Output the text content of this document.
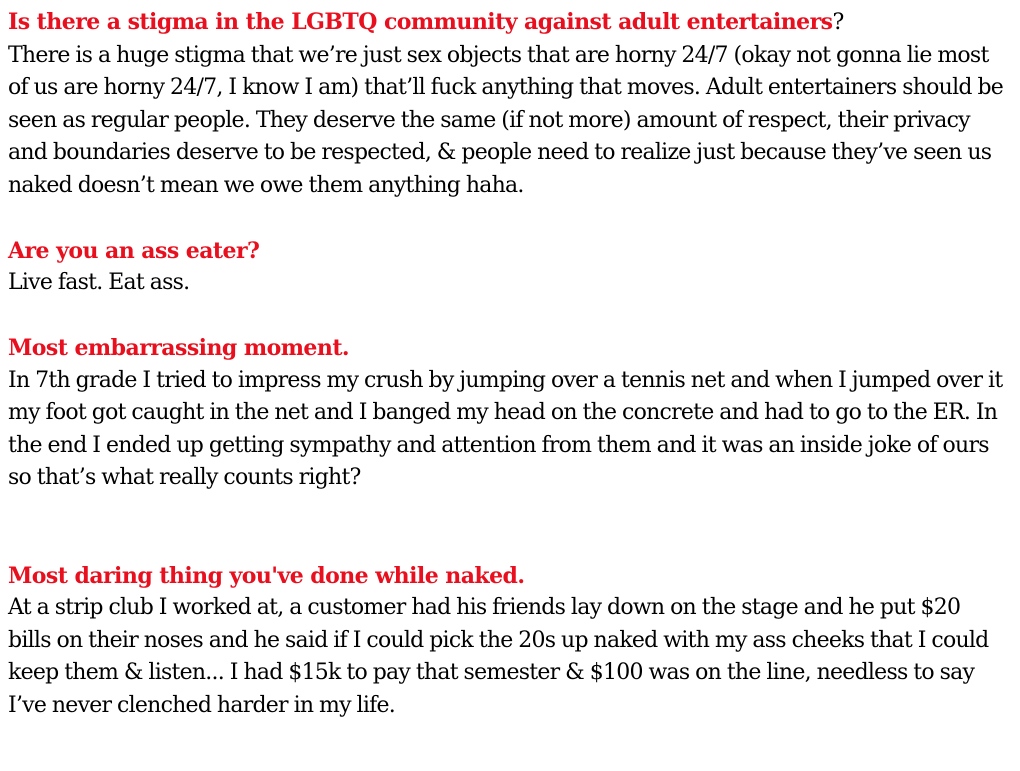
Is there a stigma in the LGBTQ community against adult entertainers?
There is a huge stigma that we’re just sex objects that are horny 24/7 (okay not gonna lie most of us are horny 24/7, I know I am) that’ll fuck anything that moves. Adult entertainers should be seen as regular people. They deserve the same (if not more) amount of respect, their privacy and boundaries deserve to be respected, & people need to realize just because they’ve seen us naked doesn’t mean we owe them anything haha.
Are you an ass eater?
Live fast. Eat ass.
Most embarrassing moment.
In 7th grade I tried to impress my crush by jumping over a tennis net and when I jumped over it my foot got caught in the net and I banged my head on the concrete and had to go to the ER. In the end I ended up getting sympathy and attention from them and it was an inside joke of ours so that’s what really counts right?
Most daring thing you've done while naked.
At a strip club I worked at, a customer had his friends lay down on the stage and he put $20 bills on their noses and he said if I could pick the 20s up naked with my ass cheeks that I could keep them & listen... I had $15k to pay that semester & $100 was on the line, needless to say I’ve never clenched harder in my life.
